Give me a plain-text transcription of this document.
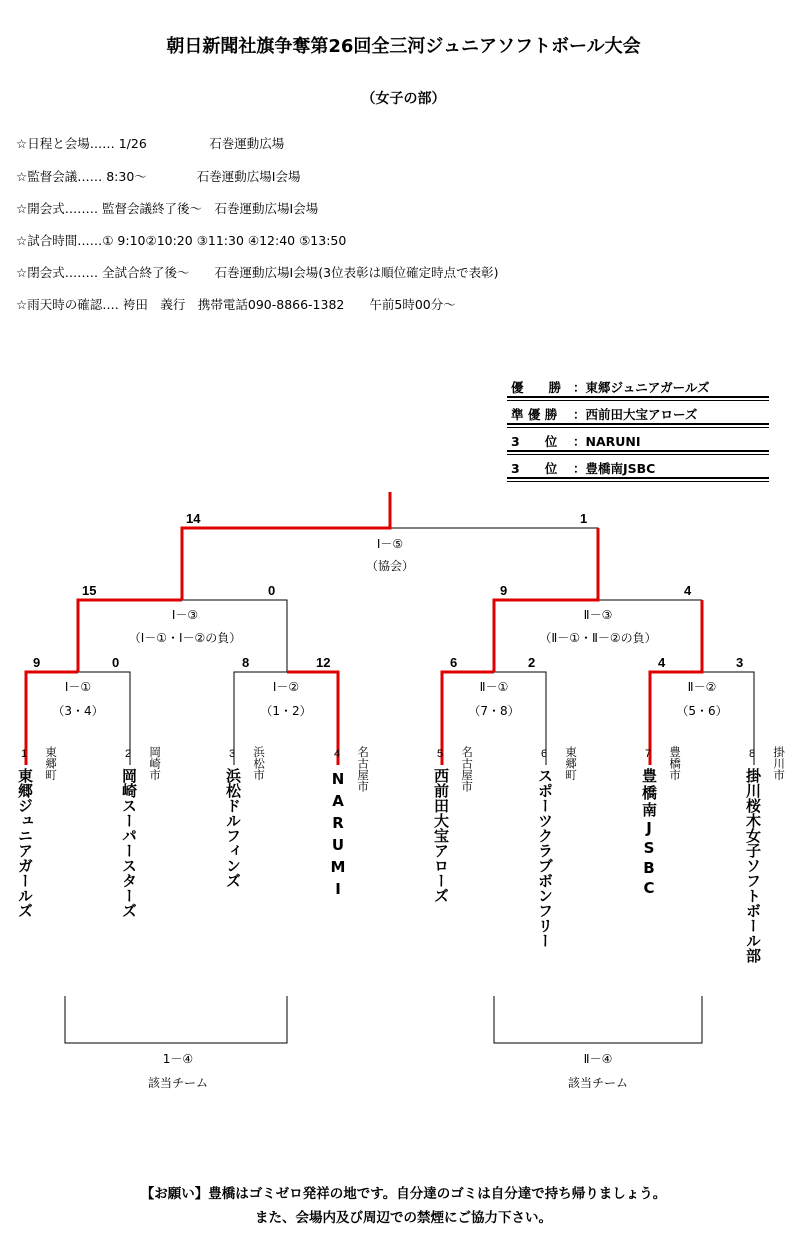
朝日新聞社旗争奪第26回全三河ジュニアソフトボール大会
（女子の部）
☆日程と会場‥‥‥ 1/26　　　　　石巻運動広場
☆監督会議‥‥‥ 8:30～　　　　石巻運動広場Ⅰ会場
☆開会式‥‥‥‥ 監督会議終了後～　石巻運動広場Ⅰ会場
☆試合時間‥‥‥① 9:10②10:20 ③11:30 ④12:40 ⑤13:50
☆閉会式‥‥‥‥ 全試合終了後～　　石巻運動広場Ⅰ会場(3位表彰は順位確定時点で表彰)
☆雨天時の確認‥‥ 袴田　義行　携帯電話090-8866-1382　　午前5時00分～
優　　勝 ：東郷ジュニアガールズ
準 優 勝 ：西前田大宝アローズ
3　　位 ：NARUNI
3　　位 ：豊橋南JSBC
14	1
15	0	9	4
9	0	8	12	6	2	4	3
Ⅰ－⑤
（協会）
Ⅰ－③
（Ⅰ－①・Ⅰ－②の負）
Ⅱ－③
（Ⅱ－①・Ⅱ－②の負）
Ⅰ－①
（3・4）
Ⅰ－②
（1・2）
Ⅱ－①
（7・8）
Ⅱ－②
（5・6）
1
東郷ジュニアガールズ
東郷町	2
岡崎スーパースターズ
岡崎市	3
浜松ドルフィンズ
浜松市	4
NARUMI
名古屋市	5
西前田大宝アローズ 名古屋市	6
スポーツクラブボンフリー
東郷町	7
豊橋南JSBC
豊橋市	8
掛川桜木女子ソフトボール部
掛川市
1－④
該当チーム
Ⅱ－④
該当チーム
【お願い】豊橋はゴミゼロ発祥の地です。自分達のゴミは自分達で持ち帰りましょう。
また、会場内及び周辺での禁煙にご協力下さい。
